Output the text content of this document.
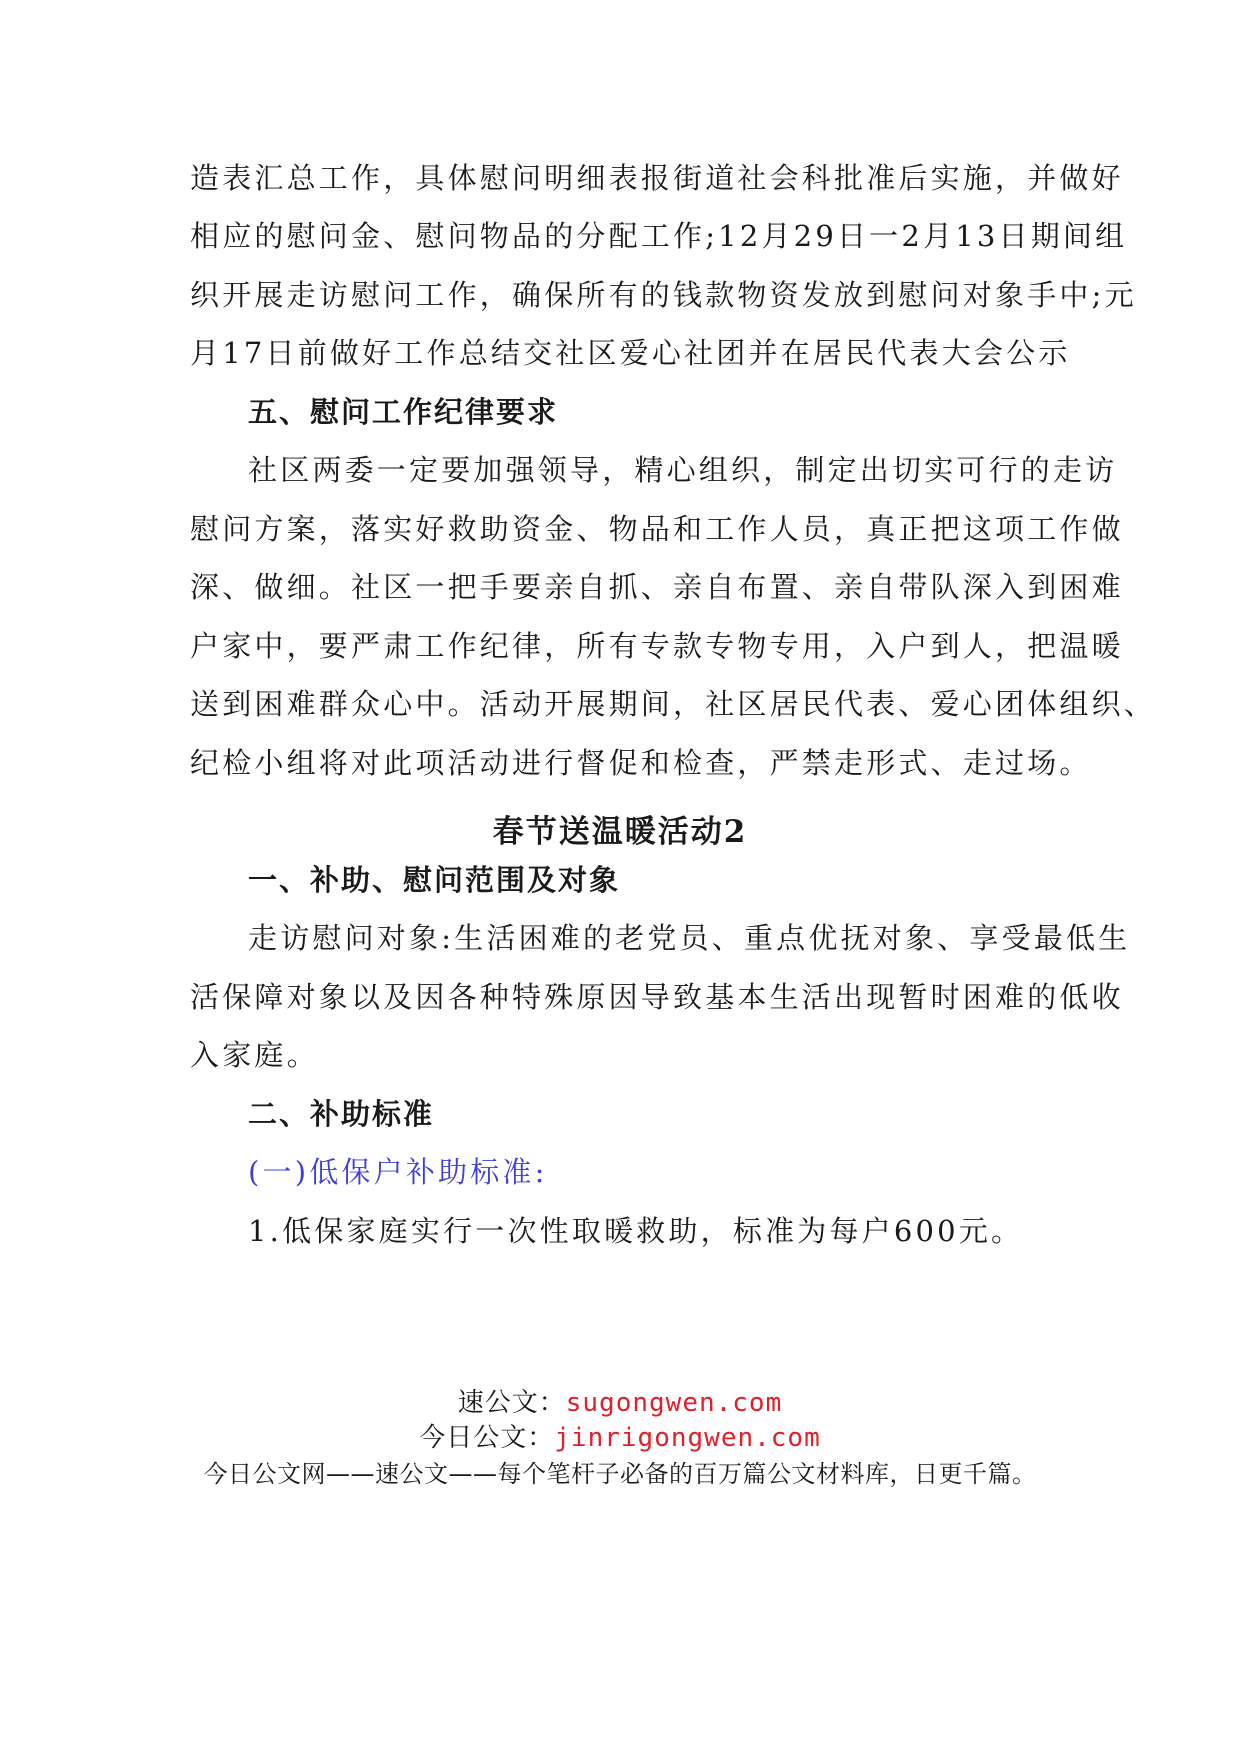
造表汇总工作，具体慰问明细表报街道社会科批准后实施，并做好
相应的慰问金、慰问物品的分配工作;12月29日一2月13日期间组
织开展走访慰问工作，确保所有的钱款物资发放到慰问对象手中;元
月17日前做好工作总结交社区爱心社团并在居民代表大会公示
五、慰问工作纪律要求
社区两委一定要加强领导，精心组织，制定出切实可行的走访
慰问方案，落实好救助资金、物品和工作人员，真正把这项工作做
深、做细。社区一把手要亲自抓、亲自布置、亲自带队深入到困难
户家中，要严肃工作纪律，所有专款专物专用，入户到人，把温暖
送到困难群众心中。活动开展期间，社区居民代表、爱心团体组织、
纪检小组将对此项活动进行督促和检查，严禁走形式、走过场。
春节送温暖活动2
一、补助、慰问范围及对象
走访慰问对象:生活困难的老党员、重点优抚对象、享受最低生
活保障对象以及因各种特殊原因导致基本生活出现暂时困难的低收
入家庭。
二、补助标准
(一)低保户补助标准:
1.低保家庭实行一次性取暖救助，标准为每户600元。
速公文：sugongwen.com
今日公文：jinrigongwen.com
今日公文网——速公文——每个笔杆子必备的百万篇公文材料库，日更千篇。
